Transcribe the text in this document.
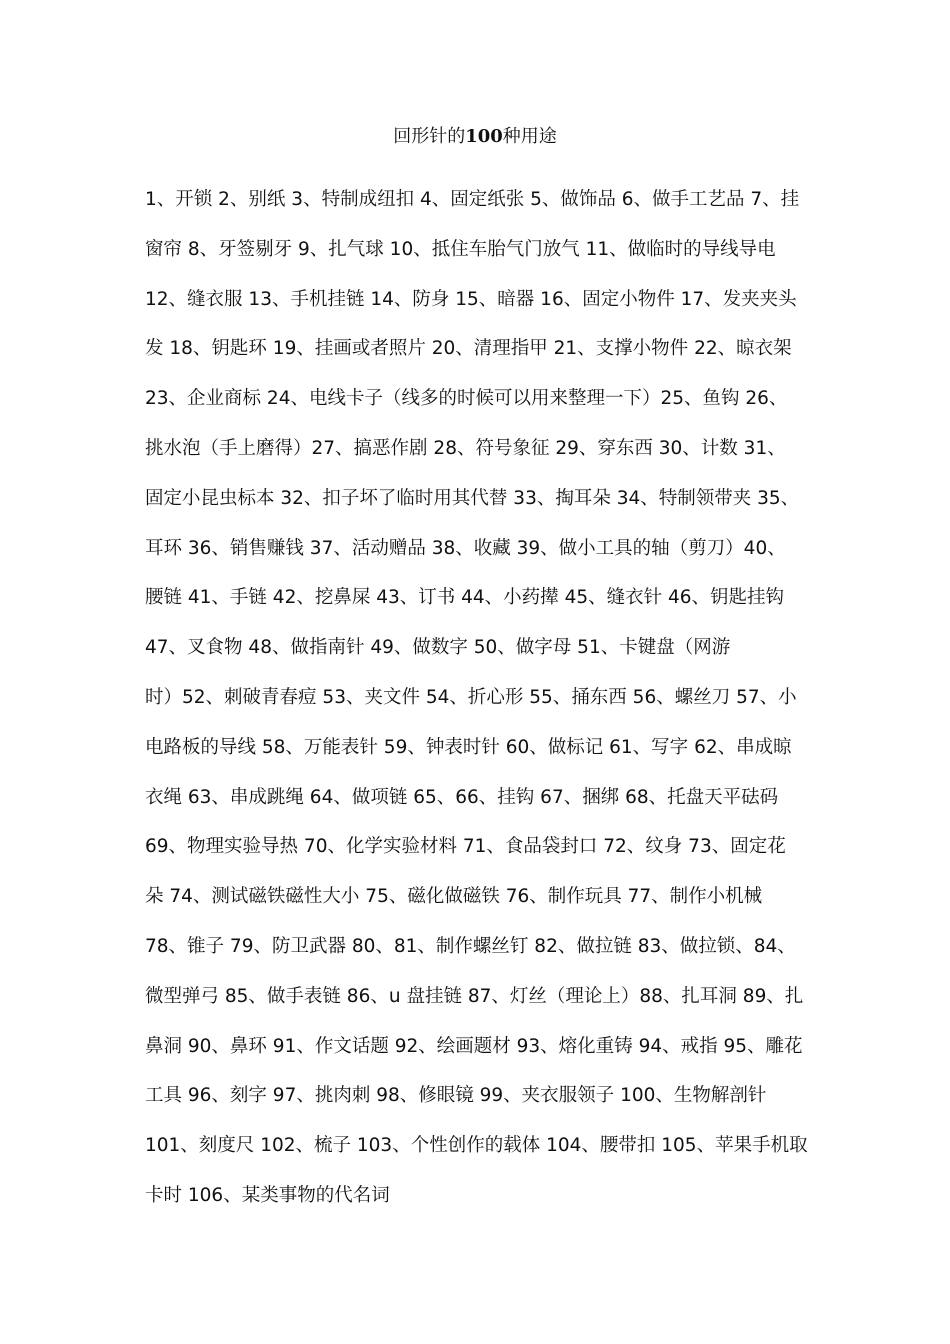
回形针的100种用途
1、开锁 2、别纸 3、特制成纽扣 4、固定纸张 5、做饰品 6、做手工艺品 7、挂
窗帘 8、牙签剔牙 9、扎气球 10、抵住车胎气门放气 11、做临时的导线导电
12、缝衣服 13、手机挂链 14、防身 15、暗器 16、固定小物件 17、发夹夹头
发 18、钥匙环 19、挂画或者照片 20、清理指甲 21、支撑小物件 22、晾衣架
23、企业商标 24、电线卡子（线多的时候可以用来整理一下）25、鱼钩 26、
挑水泡（手上磨得）27、搞恶作剧 28、符号象征 29、穿东西 30、计数 31、
固定小昆虫标本 32、扣子坏了临时用其代替 33、掏耳朵 34、特制领带夹 35、
耳环 36、销售赚钱 37、活动赠品 38、收藏 39、做小工具的轴（剪刀）40、
腰链 41、手链 42、挖鼻屎 43、订书 44、小药撵 45、缝衣针 46、钥匙挂钩
47、叉食物 48、做指南针 49、做数字 50、做字母 51、卡键盘（网游
时）52、刺破青春痘 53、夹文件 54、折心形 55、捅东西 56、螺丝刀 57、小
电路板的导线 58、万能表针 59、钟表时针 60、做标记 61、写字 62、串成晾
衣绳 63、串成跳绳 64、做项链 65、66、挂钩 67、捆绑 68、托盘天平砝码
69、物理实验导热 70、化学实验材料 71、食品袋封口 72、纹身 73、固定花
朵 74、测试磁铁磁性大小 75、磁化做磁铁 76、制作玩具 77、制作小机械
78、锥子 79、防卫武器 80、81、制作螺丝钉 82、做拉链 83、做拉锁、84、
微型弹弓 85、做手表链 86、u 盘挂链 87、灯丝（理论上）88、扎耳洞 89、扎
鼻洞 90、鼻环 91、作文话题 92、绘画题材 93、熔化重铸 94、戒指 95、雕花
工具 96、刻字 97、挑肉刺 98、修眼镜 99、夹衣服领子 100、生物解剖针
101、刻度尺 102、梳子 103、个性创作的载体 104、腰带扣 105、苹果手机取
卡时 106、某类事物的代名词
